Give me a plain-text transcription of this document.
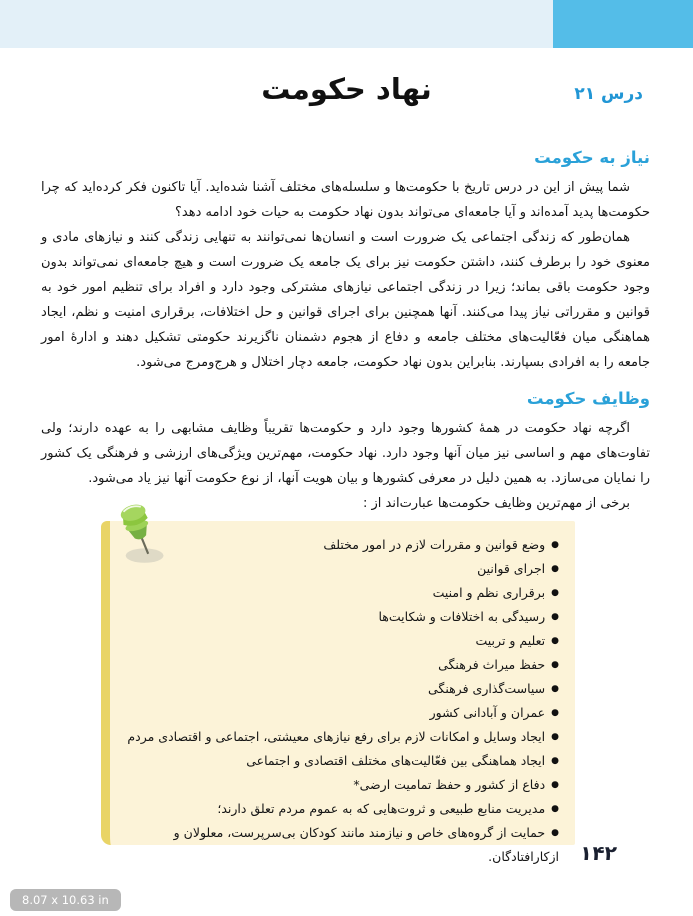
درس ۲۱
نهاد حکومت
نیاز به حکومت

شما پیش از این در درس تاریخ با حکومت‌ها و سلسله‌های مختلف آشنا شده‌اید. آیا تاکنون فکر کرده‌اید که چرا حکومت‌ها پدید آمده‌اند و آیا جامعه‌ای می‌تواند بدون نهاد حکومت به حیات خود ادامه دهد؟

همان‌طور که زندگی اجتماعی یک ضرورت است و انسان‌ها نمی‌توانند به تنهایی زندگی کنند و نیازهای مادی و معنوی خود را برطرف کنند، داشتن حکومت نیز برای یک جامعه یک ضرورت است و هیچ جامعه‌ای نمی‌تواند بدون وجود حکومت باقی بماند؛ زیرا در زندگی اجتماعی نیازهای مشترکی وجود دارد و افراد برای تنظیم امور خود به قوانین و مقرراتی نیاز پیدا می‌کنند. آنها همچنین برای اجرای قوانین و حل اختلافات، برقراری امنیت و نظم، ایجاد هماهنگی میان فعّالیت‌های مختلف جامعه و دفاع از هجوم دشمنان ناگزیرند حکومتی تشکیل دهند و ادارهٔ امور جامعه را به افرادی بسپارند. بنابراین بدون نهاد حکومت، جامعه دچار اختلال و هرج‌ومرج می‌شود.

وظایف حکومت

اگرچه نهاد حکومت در همهٔ کشورها وجود دارد و حکومت‌ها تقریباً وظایف مشابهی را به عهده دارند؛ ولی تفاوت‌های مهم و اساسی نیز میان آنها وجود دارد. نهاد حکومت، مهم‌ترین ویژگی‌های ارزشی و فرهنگی یک کشور را نمایان می‌سازد. به همین دلیل در معرفی کشورها و بیان هویت آنها، از نوع حکومت آنها نیز یاد می‌شود.

برخی از مهم‌ترین وظایف حکومت‌ها عبارت‌اند از :

● وضع قوانین و مقررات لازم در امور مختلف
● اجرای قوانین
● برقراری نظم و امنیت
● رسیدگی به اختلافات و شکایت‌ها
● تعلیم و تربیت
● حفظ میراث فرهنگی
● سیاست‌گذاری فرهنگی
● عمران و آبادانی کشور
● ایجاد وسایل و امکانات لازم برای رفع نیازهای معیشتی، اجتماعی و اقتصادی مردم
● ایجاد هماهنگی بین فعّالیت‌های مختلف اقتصادی و اجتماعی
● دفاع از کشور و حفظ تمامیت ارضی*
● مدیریت منابع طبیعی و ثروت‌هایی که به عموم مردم تعلق دارند؛
● حمایت از گروه‌های خاص و نیازمند مانند کودکان بی‌سرپرست، معلولان و ازکارافتادگان. ۱۴۲
8.07 x 10.63 in
